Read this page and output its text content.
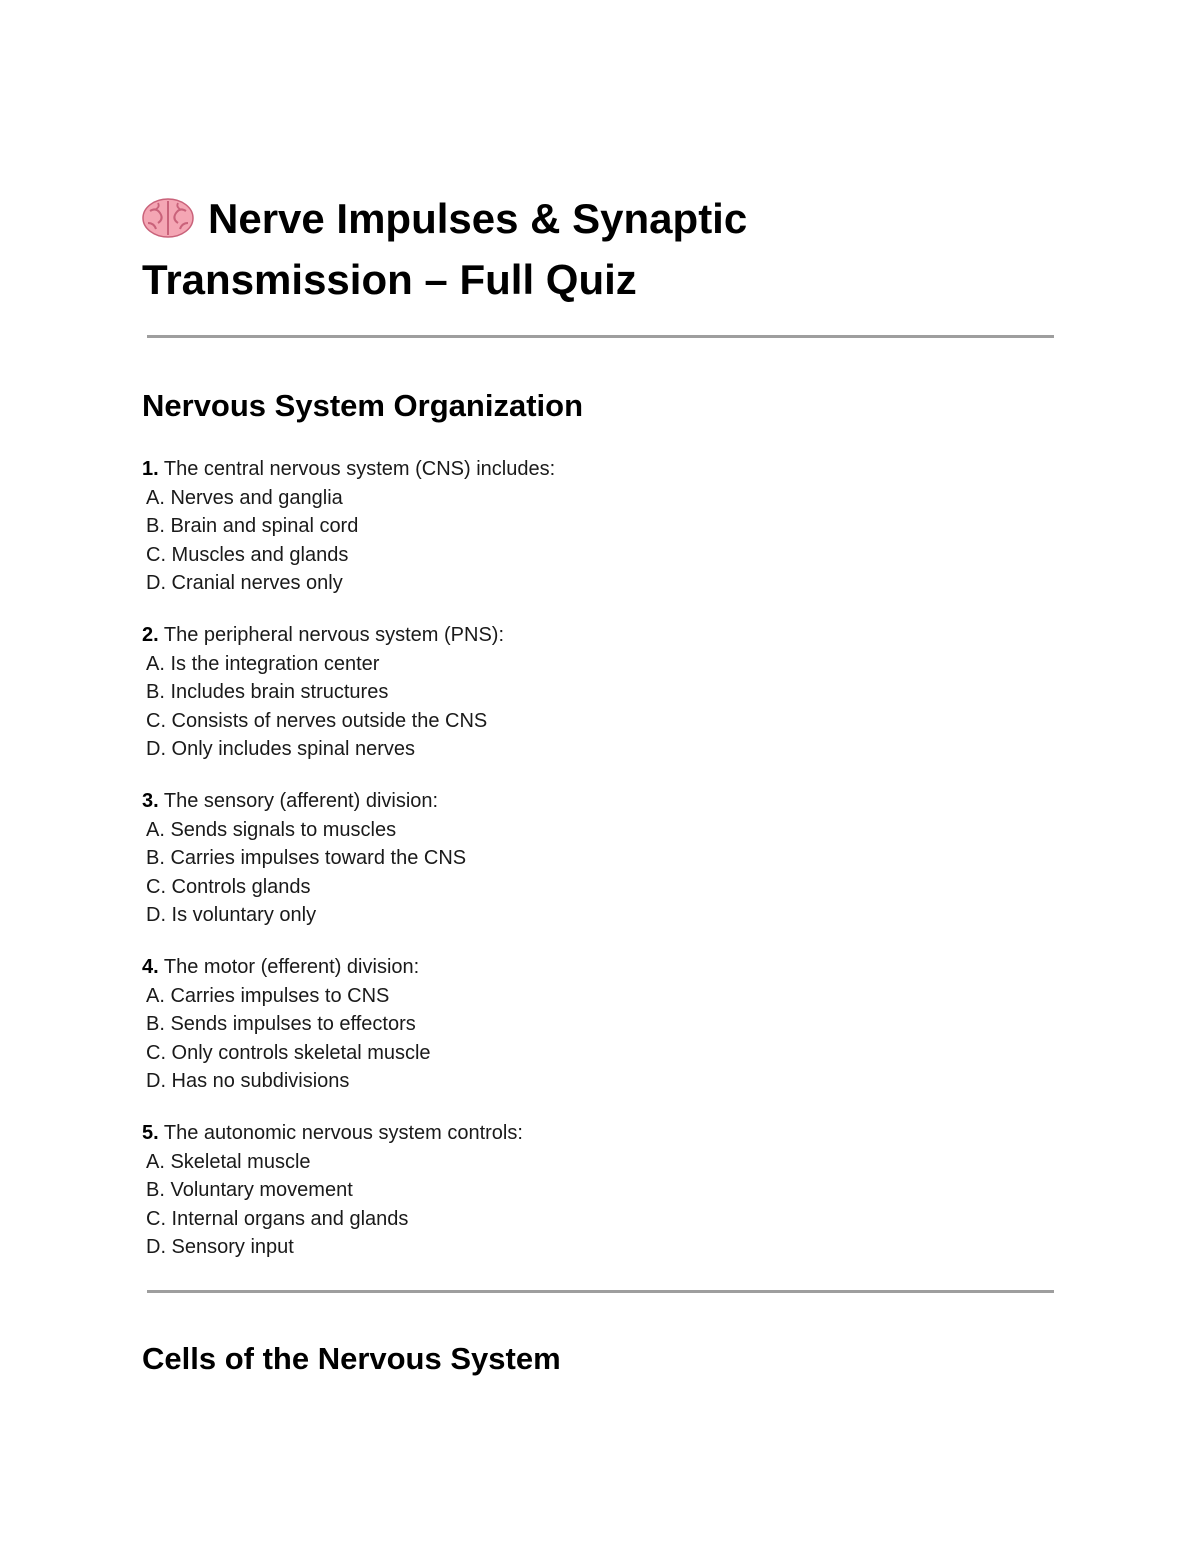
Nerve Impulses & Synaptic
Transmission – Full Quiz
Nervous System Organization
1. The central nervous system (CNS) includes:
A. Nerves and ganglia
B. Brain and spinal cord
C. Muscles and glands
D. Cranial nerves only
2. The peripheral nervous system (PNS):
A. Is the integration center
B. Includes brain structures
C. Consists of nerves outside the CNS
D. Only includes spinal nerves
3. The sensory (afferent) division:
A. Sends signals to muscles
B. Carries impulses toward the CNS
C. Controls glands
D. Is voluntary only
4. The motor (efferent) division:
A. Carries impulses to CNS
B. Sends impulses to effectors
C. Only controls skeletal muscle
D. Has no subdivisions
5. The autonomic nervous system controls:
A. Skeletal muscle
B. Voluntary movement
C. Internal organs and glands
D. Sensory input
Cells of the Nervous System
